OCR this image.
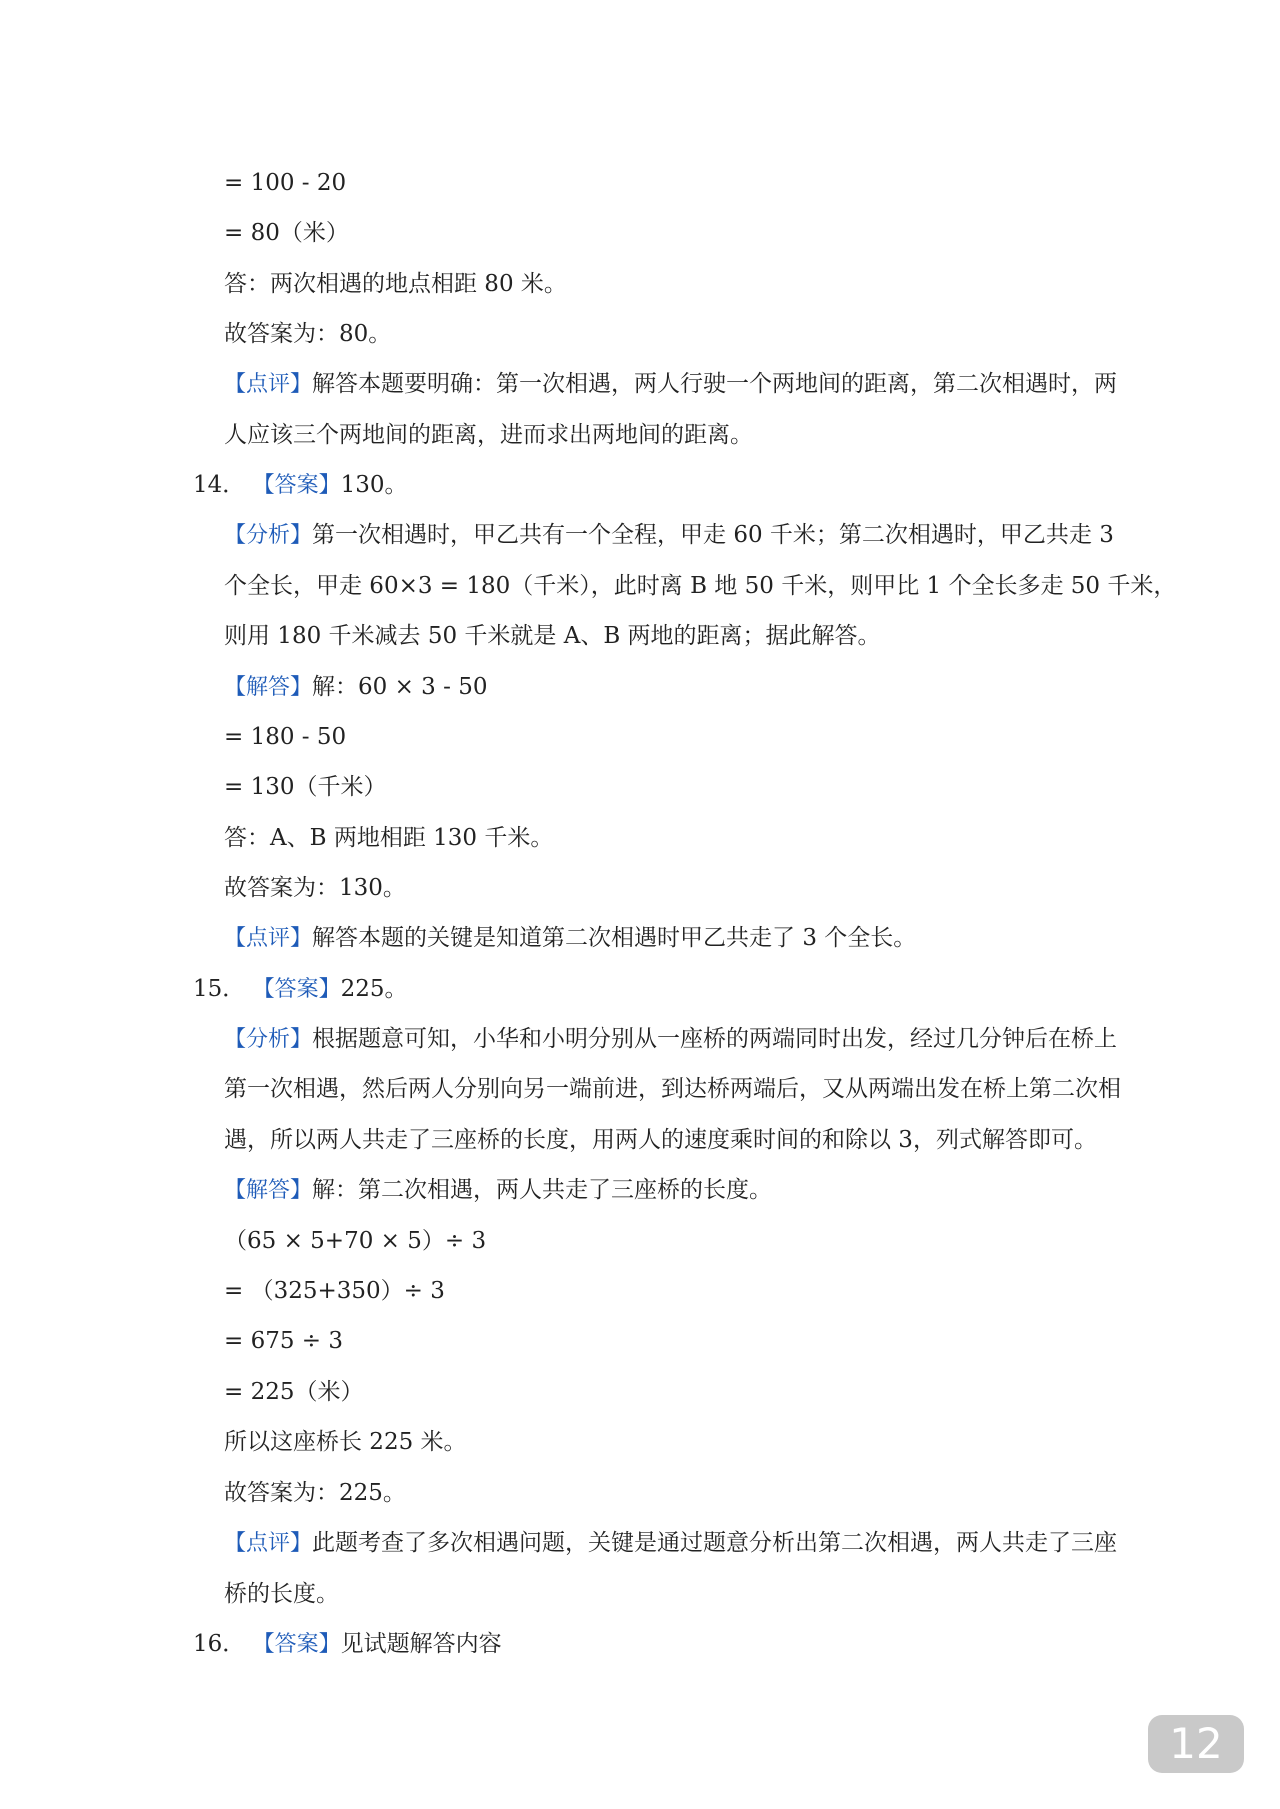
= 100 - 20
= 80（米）
答：两次相遇的地点相距 80 米。
故答案为：80。
【点评】解答本题要明确：第一次相遇，两人行驶一个两地间的距离，第二次相遇时，两
人应该三个两地间的距离，进而求出两地间的距离。
14． 【答案】130。
【分析】第一次相遇时，甲乙共有一个全程，甲走 60 千米；第二次相遇时，甲乙共走 3
个全长，甲走 60×3 = 180（千米），此时离 B 地 50 千米，则甲比 1 个全长多走 50 千米，
则用 180 千米减去 50 千米就是 A、B 两地的距离；据此解答。
【解答】解：60 × 3 - 50
= 180 - 50
= 130（千米）
答：A、B 两地相距 130 千米。
故答案为：130。
【点评】解答本题的关键是知道第二次相遇时甲乙共走了 3 个全长。
15． 【答案】225。
【分析】根据题意可知，小华和小明分别从一座桥的两端同时出发，经过几分钟后在桥上
第一次相遇，然后两人分别向另一端前进，到达桥两端后，又从两端出发在桥上第二次相
遇，所以两人共走了三座桥的长度，用两人的速度乘时间的和除以 3，列式解答即可。
【解答】解：第二次相遇，两人共走了三座桥的长度。
（65 × 5+70 × 5）÷ 3
= （325+350）÷ 3
= 675 ÷ 3
= 225（米）
所以这座桥长 225 米。
故答案为：225。
【点评】此题考查了多次相遇问题，关键是通过题意分析出第二次相遇，两人共走了三座
桥的长度。
16． 【答案】见试题解答内容
12
